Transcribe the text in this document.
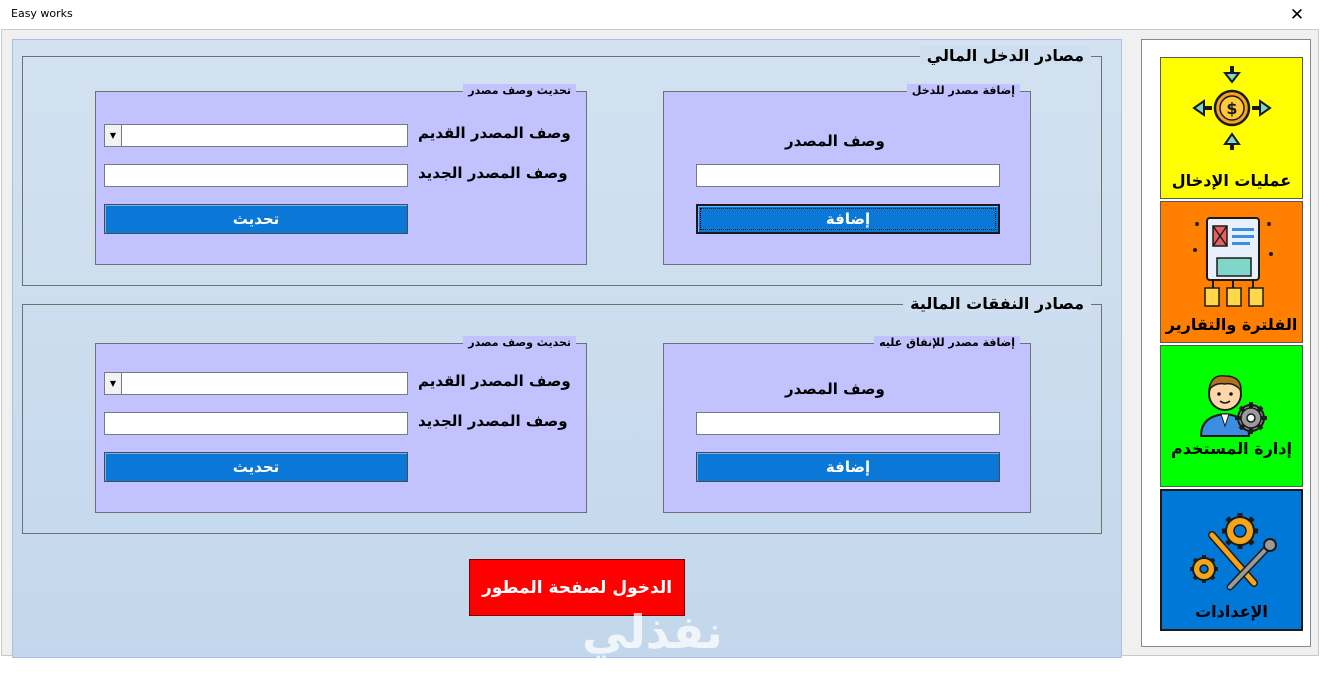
Easy works	✕
مصادر الدخل المالي
إضافة مصدر للدخل
وصف المصدر
إضافة
تحديث وصف مصدر
▼	وصف المصدر القديم
وصف المصدر الجديد
تحديث
مصادر النفقات المالية
إضافة مصدر للإنفاق عليه
وصف المصدر
إضافة
تحديث وصف مصدر
▼	وصف المصدر القديم
وصف المصدر الجديد
تحديث
الدخول لصفحة المطور
نفذلي
nafezly.com
$
عمليات الإدخال
الفلترة والتقارير
إدارة المستخدم
الإعدادات
